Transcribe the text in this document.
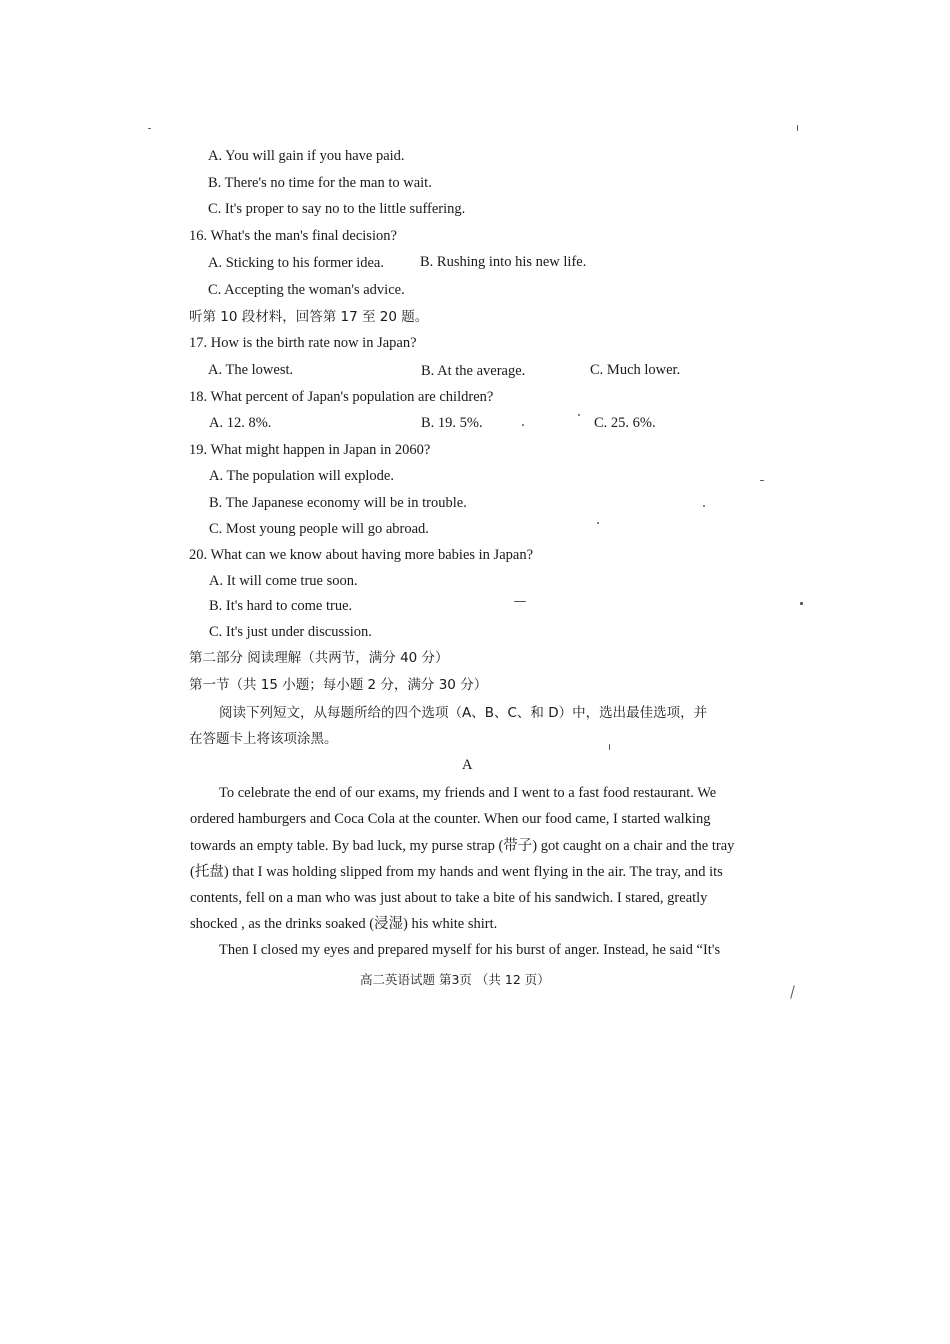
A. You will gain if you have paid.
B. There's no time for the man to wait.
C. It's proper to say no to the little suffering.
16. What's the man's final decision?
A. Sticking to his former idea. B. Rushing into his new life.
C. Accepting the woman's advice.
听第 10 段材料，回答第 17 至 20 题。
17. How is the birth rate now in Japan?
A. The lowest.	B. At the average.	C. Much lower.
18. What percent of Japan's population are children?
A. 12. 8%.	B. 19. 5%.	C. 25. 6%.
19. What might happen in Japan in 2060?
A. The population will explode.
B. The Japanese economy will be in trouble.
C. Most young people will go abroad.
20. What can we know about having more babies in Japan?
A. It will come true soon.
B. It's hard to come true.
C. It's just under discussion.
第二部分 阅读理解（共两节，满分 40 分）
第一节（共 15 小题；每小题 2 分，满分 30 分）
阅读下列短文，从每题所给的四个选项（A、B、C、和 D）中，选出最佳选项，并
在答题卡上将该项涂黑。
A
To celebrate the end of our exams, my friends and I went to a fast food restaurant. We
ordered hamburgers and Coca Cola at the counter. When our food came, I started walking
towards an empty table. By bad luck, my purse strap (带子) got caught on a chair and the tray
(托盘) that I was holding slipped from my hands and went flying in the air. The tray, and its
contents, fell on a man who was just about to take a bite of his sandwich. I stared, greatly
shocked , as the drinks soaked (浸湿) his white shirt.
Then I closed my eyes and prepared myself for his burst of anger. Instead, he said “It's
高二英语试题 第3页 （共 12 页）
